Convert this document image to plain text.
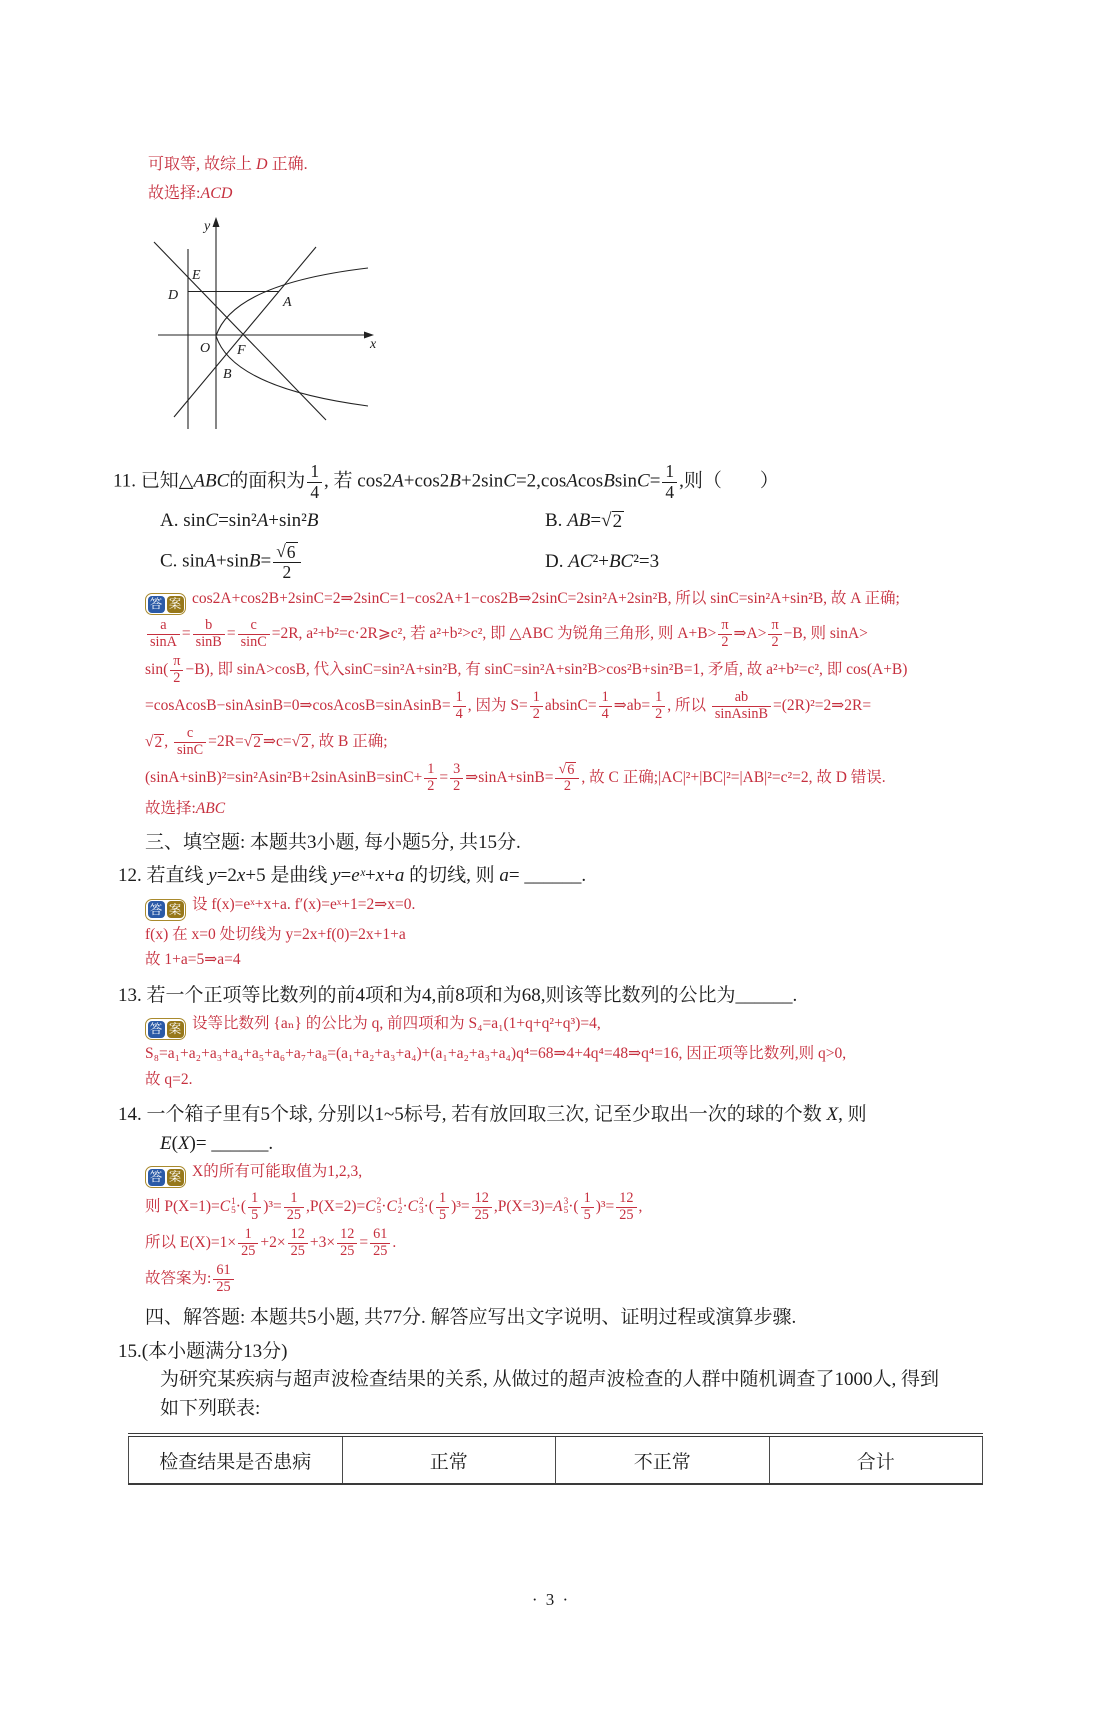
可取等, 故综上 D 正确.
故选择:ACD
y
x
E
D	A
O F
B
11. 已知△ABC的面积为 $\frac{1}{4}$ , 若 cos2A+cos2B+2sinC=2,cosAcosBsinC= $\frac{1}{4}$ ,则（　　）
A. sinC=sin²A+sin²B	B. AB= √ 2
C. $\sin A+\sin B= \frac{√ 6}{2}$	D. AC²+BC²=3
答 案 cos2A+cos2B+2sinC=2⇒2sinC=1−cos2A+1−cos2B⇒2sinC=2sin²A+2sin²B, 所以 sinC=sin²A+sin²B, 故 A 正确;
$\frac{a}{\sin A} = \frac{b}{\sin B} = \frac{c}{\sin C} =2R$, a²+b²=c·2R⩾c², 若 a²+b²>c², 即 △ABC 为锐角三角形, 则 $A+B> \frac{\pi}{2}$ ⇒A> $\frac{\pi}{2} -B$, 则 sinA>
$\sin( \frac{\pi}{2} -B)$, 即 sinA>cosB, 代入sinC=sin²A+sin²B, 有 sinC=sin²A+sin²B>cos²B+sin²B=1, 矛盾, 故 a²+b²=c², 即 cos(A+B)
=cosAcosB−sinAsinB=0⇒cosAcosB=sinAsinB= $\frac{1}{4}$ , 因为 $S= \frac{1}{2} absinC= \frac{1}{4}$ ⇒ab= $\frac{1}{2}$ , 所以 $\frac{ab}{\text{sinAsinB}}$ =(2R)²=2⇒2R=
√ 2 , $\frac{c}{\sin C} =2R=$ √ 2 ⇒c= √ 2 , 故 B 正确;
(sinA+sinB)²=sin²Asin²B+2sinAsinB=sinC+ $\frac{1}{2} = \frac{3}{2}$ ⇒sinA+sinB= $\frac{√ 6}{2}$ , 故 C 正确;|AC|²+|BC|²=|AB|²=c²=2, 故 D 错误.
故选择:ABC
三、填空题: 本题共3小题, 每小题5分, 共15分.
12. 若直线 y=2x+5 是曲线 y=eˣ+x+a 的切线, 则 a= ______.
答 案 设 f(x)=eˣ+x+a. f′(x)=eˣ+1=2⇒x=0.
f(x) 在 x=0 处切线为 y=2x+f(0)=2x+1+a
故 1+a=5⇒a=4
13. 若一个正项等比数列的前4项和为4,前8项和为68,则该等比数列的公比为______.
答 案 设等比数列 {aₙ} 的公比为 q, 前四项和为 S₄=a₁(1+q+q²+q³)=4,
S₈=a₁+a₂+a₃+a₄+a₅+a₆+a₇+a₈=(a₁+a₂+a₃+a₄)+(a₁+a₂+a₃+a₄)q⁴=68⇒4+4q⁴=48⇒q⁴=16, 因正项等比数列,则 q>0,
故 q=2.
14. 一个箱子里有5个球, 分别以1~5标号, 若有放回取三次, 记至少取出一次的球的个数 X, 则
E(X)= ______.
答 案 X的所有可能取值为1,2,3,
则 P(X=1)= C 1
5 ·( $\frac{1}{5} )^3= \frac{1}{25} ,P(X=2)= C$ 2
5 · C 1
2 · C 2
3 ·( $\frac{1}{5} )^3= \frac{12}{25} ,P(X=3)= A$ 3
5 ·( $\frac{1}{5} )^3= \frac{12}{25}$ ,
所以 $E(X)=1\times \frac{1}{25} +2\times \frac{12}{25} +3\times \frac{12}{25} = \frac{61}{25}$ .
故答案为: $\frac{61}{25}$
四、解答题: 本题共5小题, 共77分. 解答应写出文字说明、证明过程或演算步骤.
15.(本小题满分13分)
为研究某疾病与超声波检查结果的关系, 从做过的超声波检查的人群中随机调查了1000人, 得到
如下列联表:
检查结果是否患病	正常	不正常	合计
· 3 ·
